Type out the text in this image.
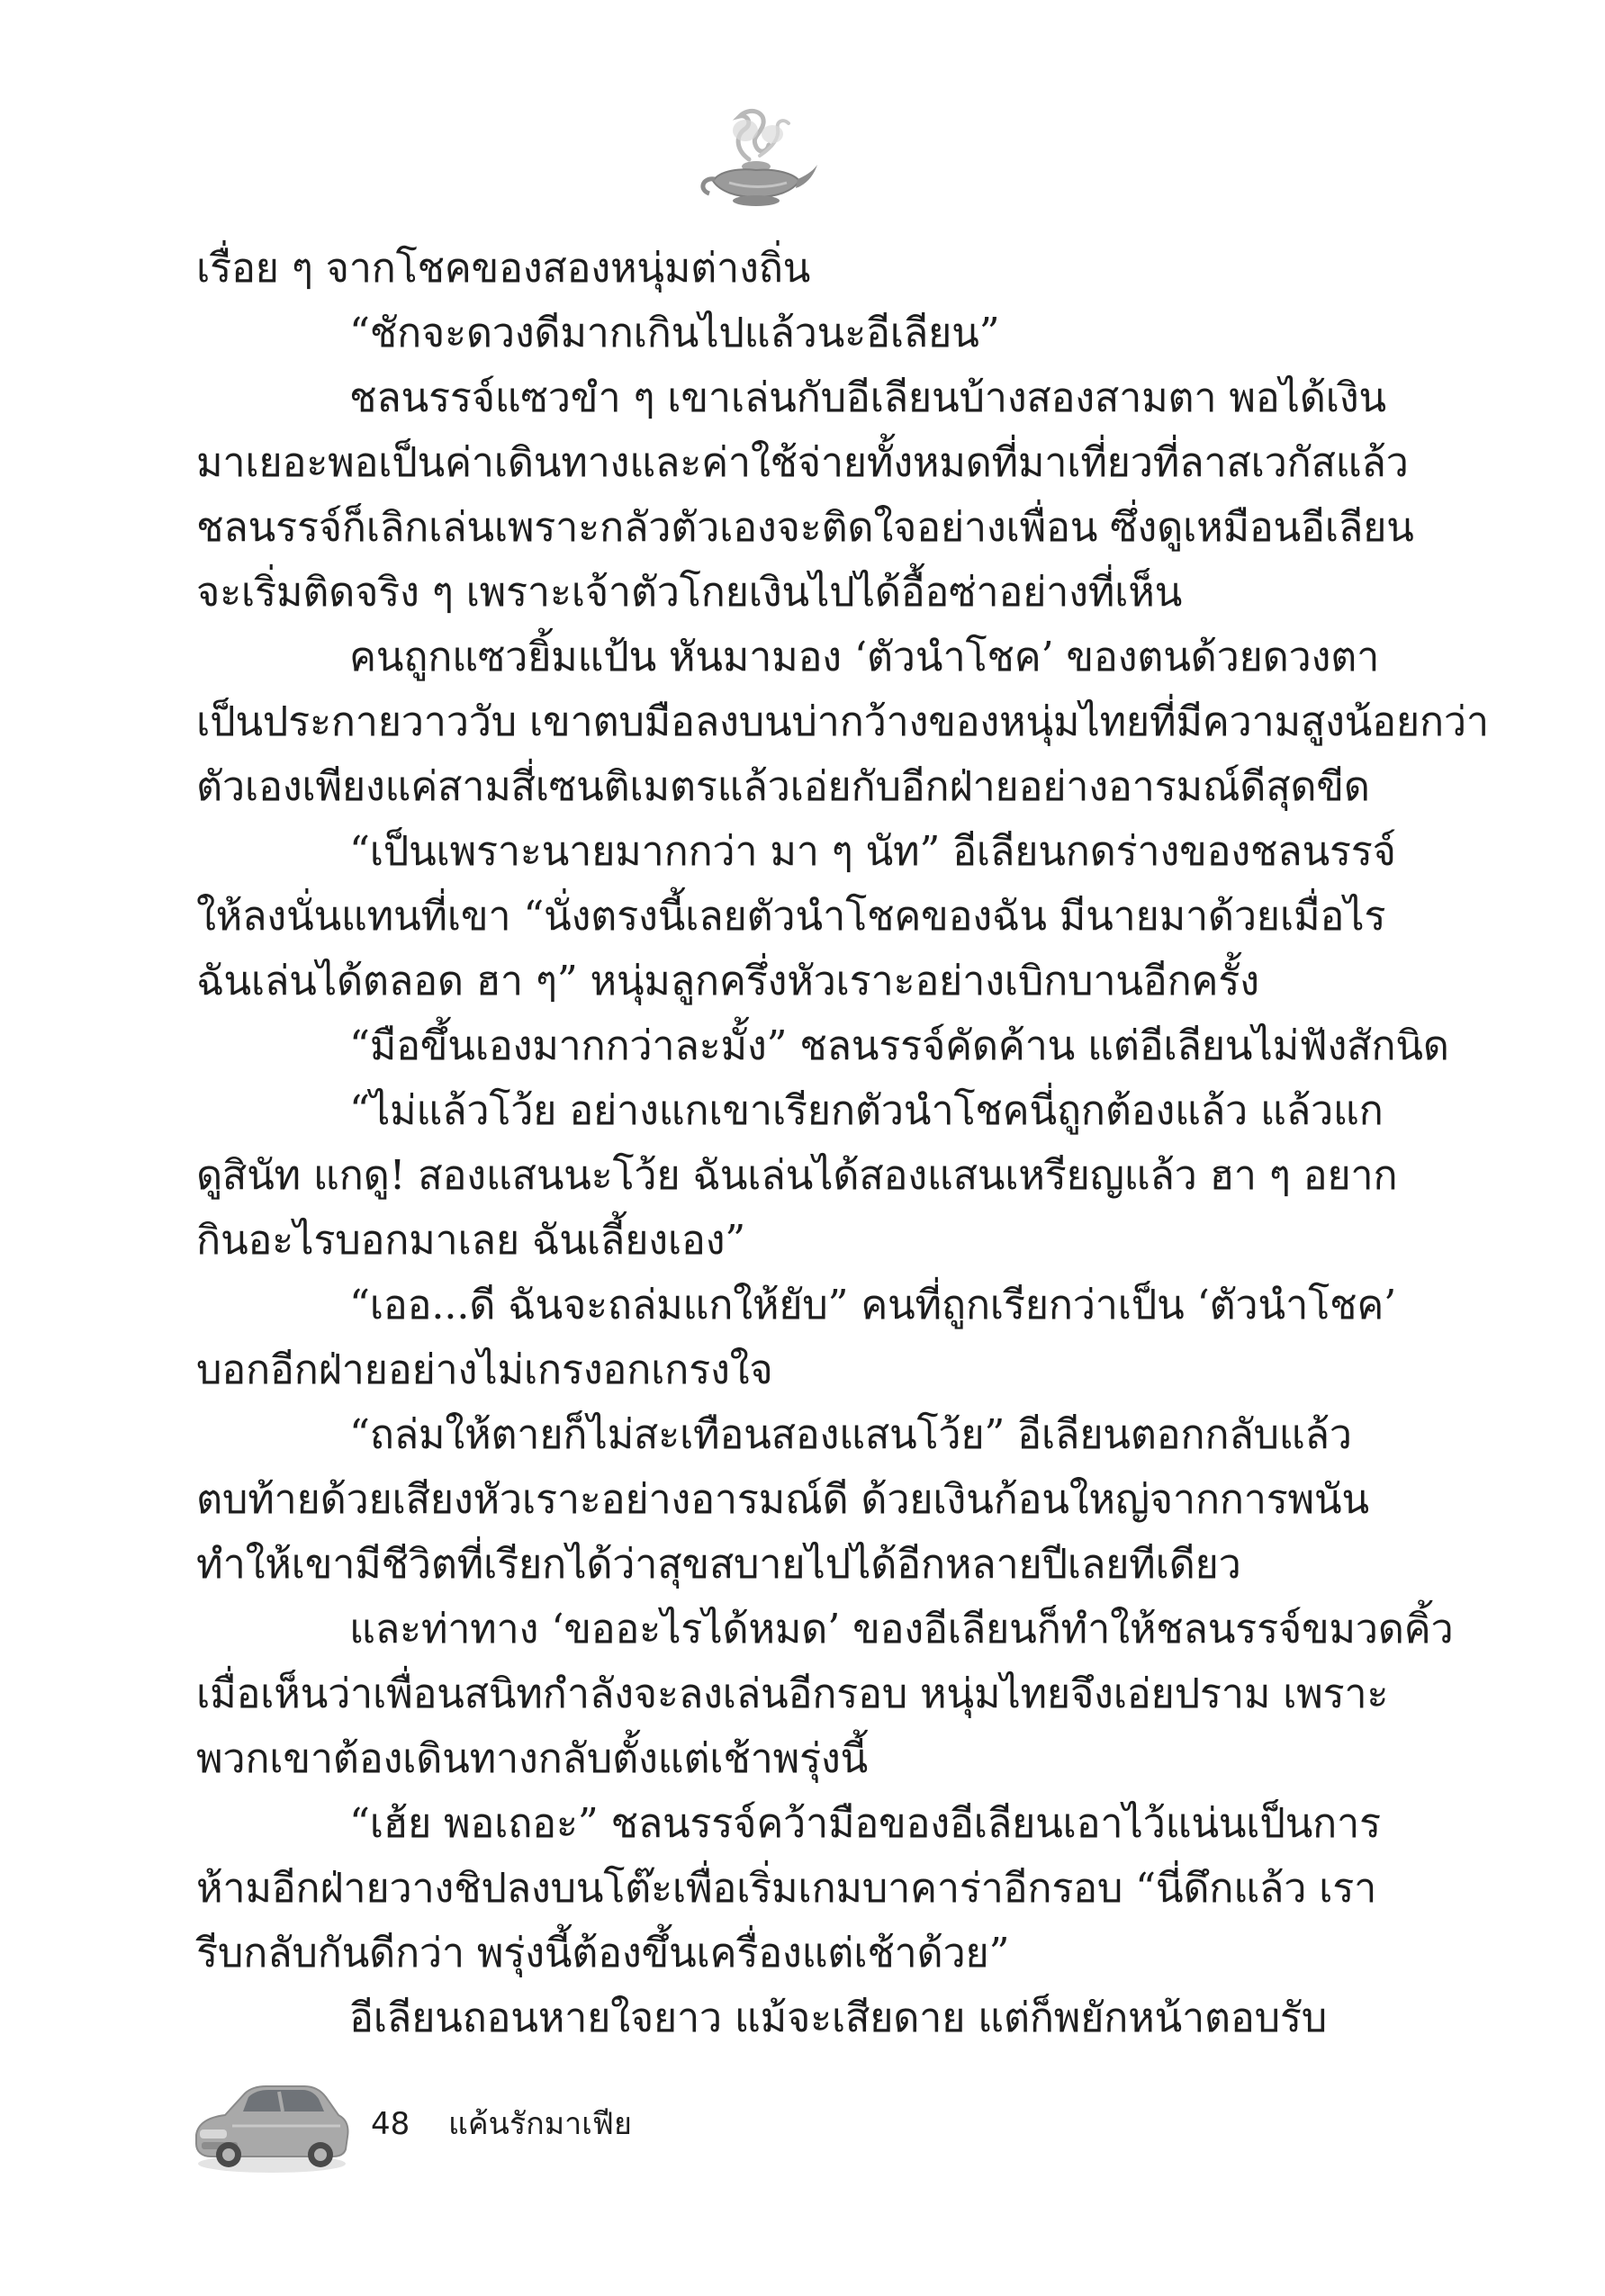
เรื่อย ๆ จากโชคของสองหนุ่มต่างถิ่น
“ชักจะดวงดีมากเกินไปแล้วนะอีเลียน”
ชลนรรจ์แซวขำ ๆ เขาเล่นกับอีเลียนบ้างสองสามตา พอได้เงิน
มาเยอะพอเป็นค่าเดินทางและค่าใช้จ่ายทั้งหมดที่มาเที่ยวที่ลาสเวกัสแล้ว
ชลนรรจ์ก็เลิกเล่นเพราะกลัวตัวเองจะติดใจอย่างเพื่อน ซึ่งดูเหมือนอีเลียน
จะเริ่มติดจริง ๆ เพราะเจ้าตัวโกยเงินไปได้อื้อซ่าอย่างที่เห็น
คนถูกแซวยิ้มแป้น หันมามอง ‘ตัวนำโชค’ ของตนด้วยดวงตา
เป็นประกายวาววับ เขาตบมือลงบนบ่ากว้างของหนุ่มไทยที่มีความสูงน้อยกว่า
ตัวเองเพียงแค่สามสี่เซนติเมตรแล้วเอ่ยกับอีกฝ่ายอย่างอารมณ์ดีสุดขีด
“เป็นเพราะนายมากกว่า มา ๆ นัท” อีเลียนกดร่างของชลนรรจ์
ให้ลงนั่นแทนที่เขา “นั่งตรงนี้เลยตัวนำโชคของฉัน มีนายมาด้วยเมื่อไร
ฉันเล่นได้ตลอด ฮา ๆ” หนุ่มลูกครึ่งหัวเราะอย่างเบิกบานอีกครั้ง
“มือขึ้นเองมากกว่าละมั้ง” ชลนรรจ์คัดค้าน แต่อีเลียนไม่ฟังสักนิด
“ไม่แล้วโว้ย อย่างแกเขาเรียกตัวนำโชคนี่ถูกต้องแล้ว แล้วแก
ดูสินัท แกดู! สองแสนนะโว้ย ฉันเล่นได้สองแสนเหรียญแล้ว ฮา ๆ อยาก
กินอะไรบอกมาเลย ฉันเลี้ยงเอง”
“เออ...ดี ฉันจะถล่มแกให้ยับ” คนที่ถูกเรียกว่าเป็น ‘ตัวนำโชค’
บอกอีกฝ่ายอย่างไม่เกรงอกเกรงใจ
“ถล่มให้ตายก็ไม่สะเทือนสองแสนโว้ย” อีเลียนตอกกลับแล้ว
ตบท้ายด้วยเสียงหัวเราะอย่างอารมณ์ดี ด้วยเงินก้อนใหญ่จากการพนัน
ทำให้เขามีชีวิตที่เรียกได้ว่าสุขสบายไปได้อีกหลายปีเลยทีเดียว
และท่าทาง ‘ขออะไรได้หมด’ ของอีเลียนก็ทำให้ชลนรรจ์ขมวดคิ้ว
เมื่อเห็นว่าเพื่อนสนิทกำลังจะลงเล่นอีกรอบ หนุ่มไทยจึงเอ่ยปราม เพราะ
พวกเขาต้องเดินทางกลับตั้งแต่เช้าพรุ่งนี้
“เฮ้ย พอเถอะ” ชลนรรจ์คว้ามือของอีเลียนเอาไว้แน่นเป็นการ
ห้ามอีกฝ่ายวางชิปลงบนโต๊ะเพื่อเริ่มเกมบาคาร่าอีกรอบ “นี่ดึกแล้ว เรา
รีบกลับกันดีกว่า พรุ่งนี้ต้องขึ้นเครื่องแต่เช้าด้วย”
อีเลียนถอนหายใจยาว แม้จะเสียดาย แต่ก็พยักหน้าตอบรับ
48 แค้นรักมาเฟีย
